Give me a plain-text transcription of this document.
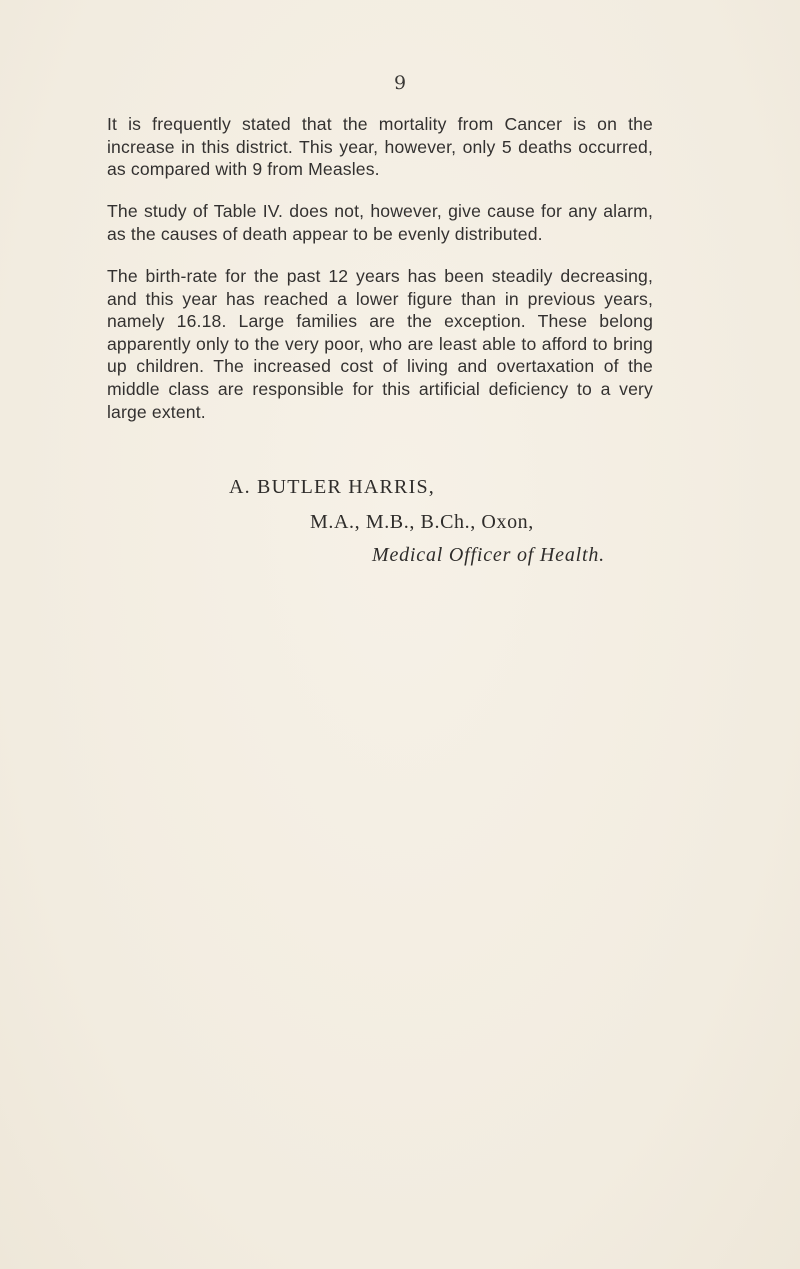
9

It is frequently stated that the mortality from Cancer is on the increase in this district. This year, however, only 5 deaths occurred, as compared with 9 from Measles.

The study of Table IV. does not, however, give cause for any alarm, as the causes of death appear to be evenly distributed.

The birth-rate for the past 12 years has been steadily decreasing, and this year has reached a lower figure than in previous years, namely 16.18. Large families are the exception. These belong apparently only to the very poor, who are least able to afford to bring up children. The increased cost of living and overtaxation of the middle class are responsible for this artificial deficiency to a very large extent.

A. BUTLER HARRIS,
M.A., M.B., B.Ch., Oxon,
Medical Officer of Health.
